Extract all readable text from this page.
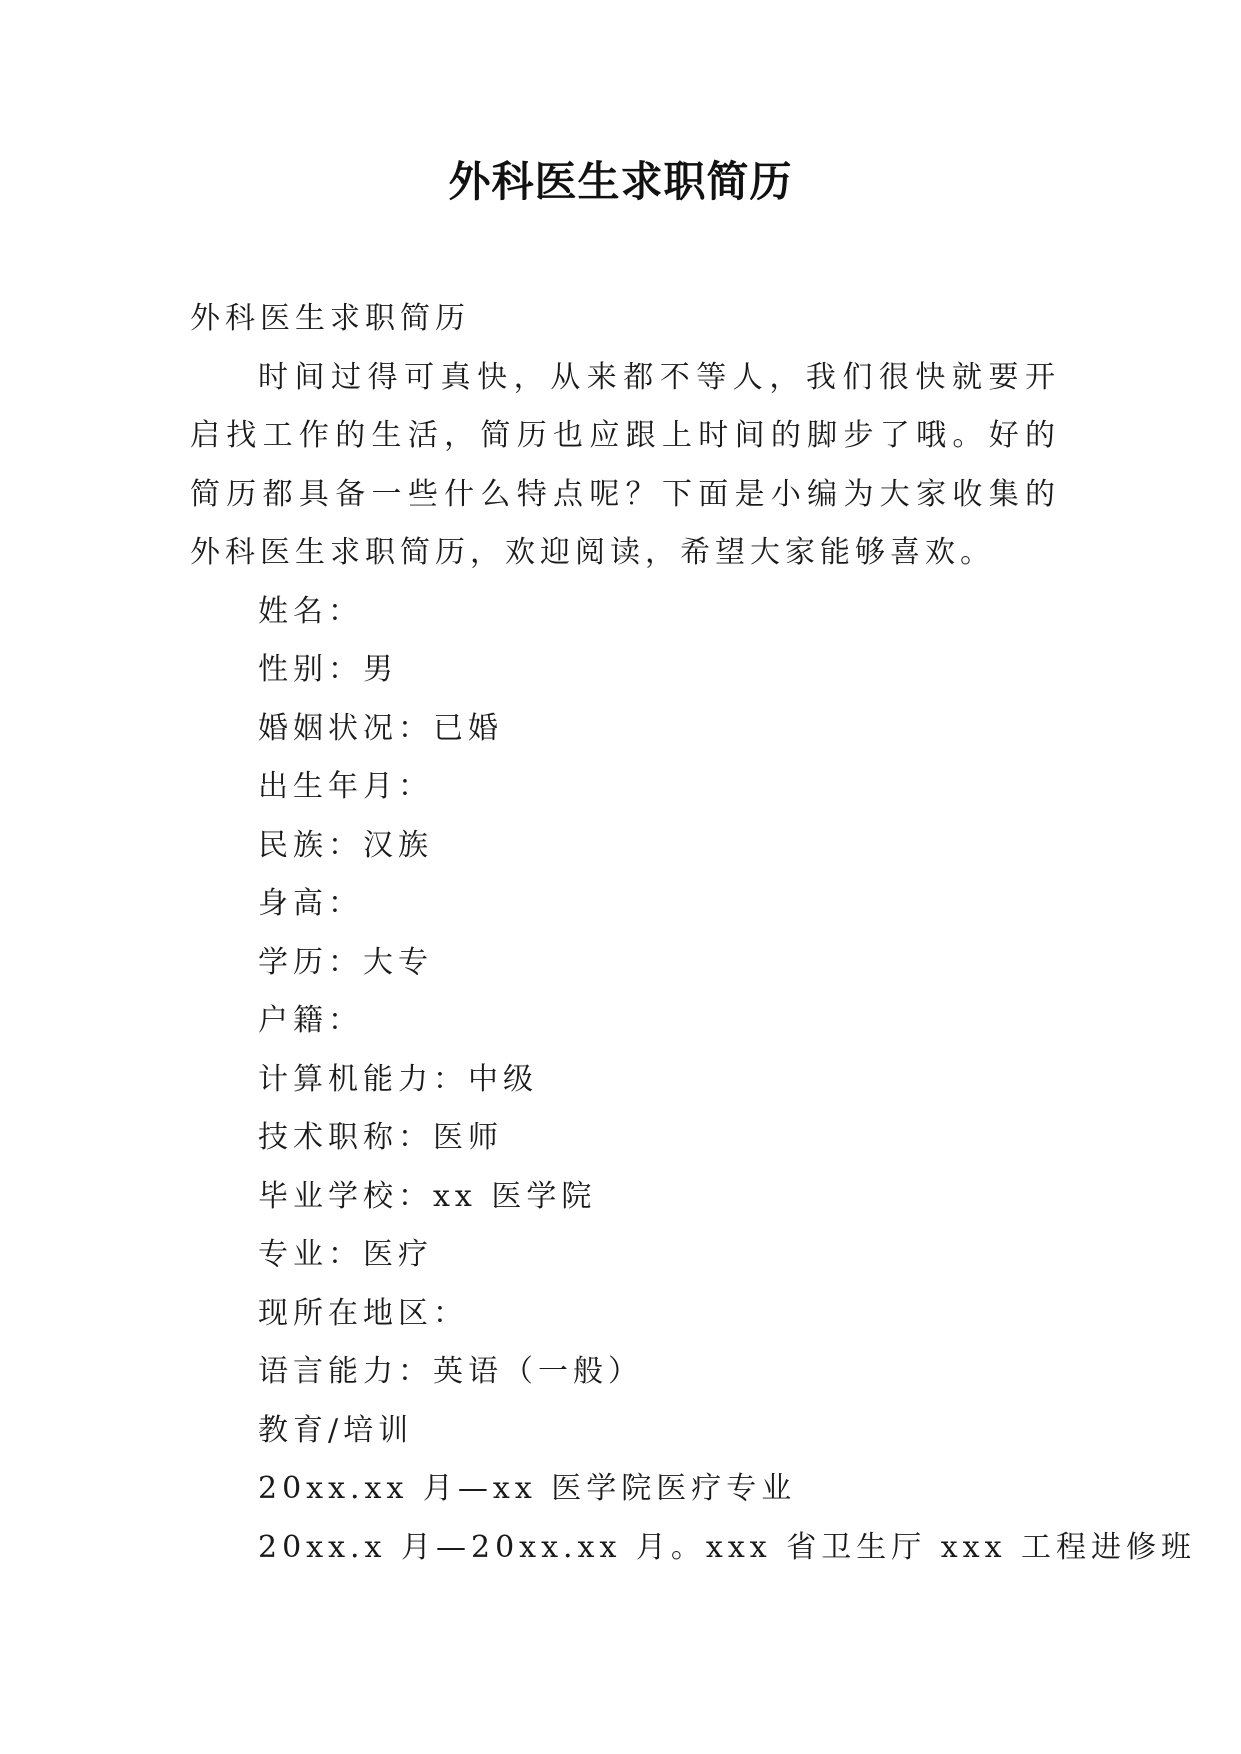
外科医生求职简历

外科医生求职简历

时间过得可真快，从来都不等人，我们很快就要开启找工作的生活，简历也应跟上时间的脚步了哦。好的简历都具备一些什么特点呢？下面是小编为大家收集的外科医生求职简历，欢迎阅读，希望大家能够喜欢。

姓名：

性别：男

婚姻状况：已婚

出生年月：

民族：汉族

身高：

学历：大专

户籍：

计算机能力：中级

技术职称：医师

毕业学校：xx 医学院

专业：医疗

现所在地区：

语言能力：英语（一般）

教育/培训

20xx.xx 月—xx 医学院医疗专业

20xx.x 月—20xx.xx 月。xxx 省卫生厅 xxx 工程进修班
